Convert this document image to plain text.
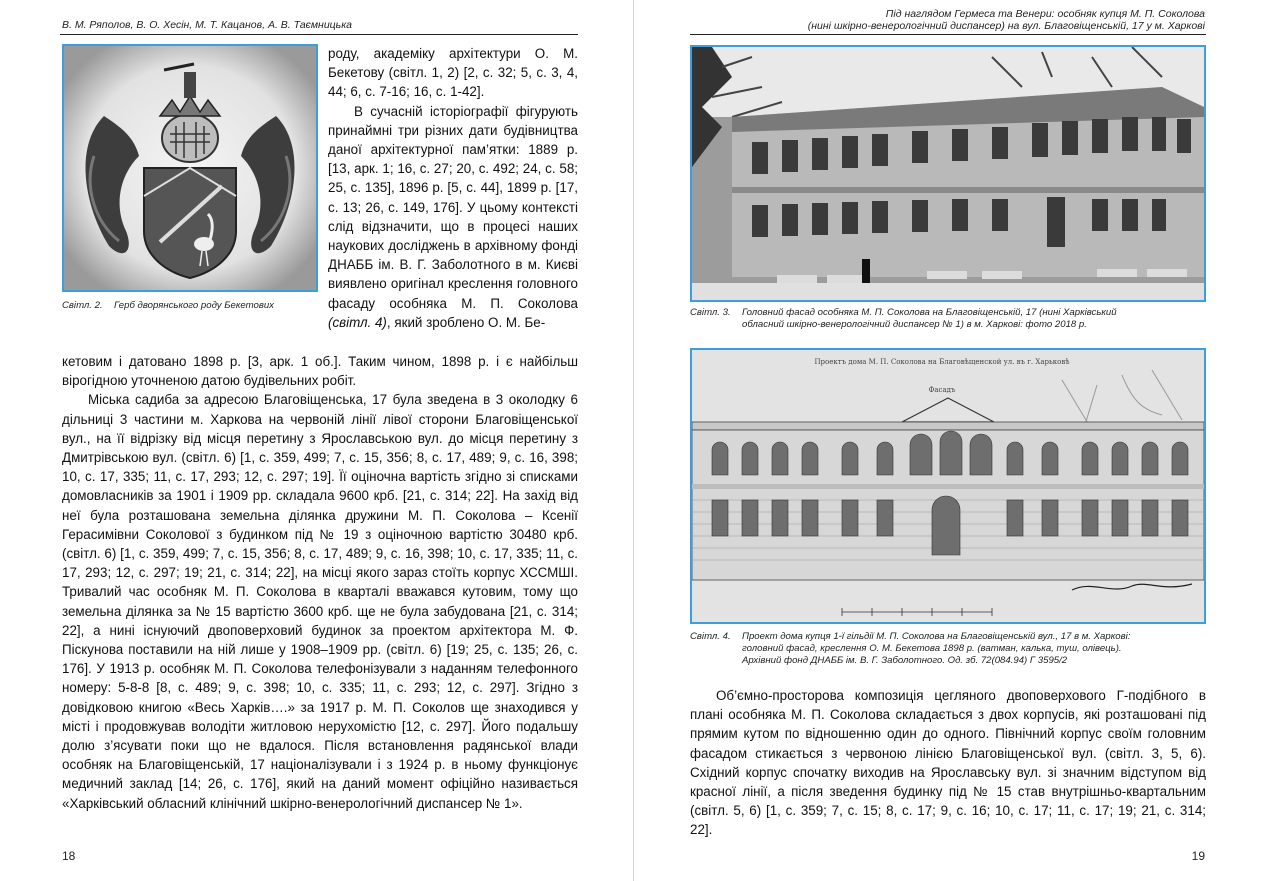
В. М. Ряполов, В. О. Хесін, М. Т. Кацанов, А. В. Таємницька
Світл. 2. Герб дворянського роду Бекетових

роду, академіку архітектури О. М. Бекетову (світл. 1, 2) [2, с. 32; 5, с. 3, 4, 44; 6, с. 7-16; 16, с. 1-42].

В сучасній історіографії фігурують принаймні три різних дати будівництва даної архітектурної пам’ятки: 1889 р. [13, арк. 1; 16, с. 27; 20, с. 492; 24, с. 58; 25, с. 135], 1896 р. [5, с. 44], 1899 р. [17, с. 13; 26, с. 149, 176]. У цьому контексті слід відзначити, що в процесі наших наукових досліджень в архівному фонді ДНАББ ім. В. Г. Заболотного в м. Києві виявлено оригінал креслення головного фасаду особняка М. П. Соколова (світл. 4), який зроблено О. М. Бе-

кетовим і датовано 1898 р. [3, арк. 1 об.]. Таким чином, 1898 р. і є найбільш вірогідною уточненою датою будівельних робіт.

Міська садиба за адресою Благовіщенська, 17 була зведена в 3 околодку 6 дільниці 3 частини м. Харкова на червоній лінії лівої сторони Благовіщенської вул., на її відрізку від місця перетину з Ярославською вул. до місця перетину з Дмитрівською вул. (світл. 6) [1, с. 359, 499; 7, с. 15, 356; 8, с. 17, 489; 9, с. 16, 398; 10, с. 17, 335; 11, с. 17, 293; 12, с. 297; 19]. Її оціночна вартість згідно зі списками домовласників за 1901 і 1909 рр. складала 9600 крб. [21, с. 314; 22]. На захід від неї була розташована земельна ділянка дружини М. П. Соколова – Ксенії Герасимівни Соколової з будинком під № 19 з оціночною вартістю 30480 крб. (світл. 6) [1, с. 359, 499; 7, с. 15, 356; 8, с. 17, 489; 9, с. 16, 398; 10, с. 17, 335; 11, с. 17, 293; 12, с. 297; 19; 21, с. 314; 22], на місці якого зараз стоїть корпус ХССМШІ. Тривалий час особняк М. П. Соколова в кварталі вважався кутовим, тому що земельна ділянка за № 15 вартістю 3600 крб. ще не була забудована [21, с. 314; 22], а нині існуючий двоповерховий будинок за проектом архітектора М. Ф. Піскунова поставили на ній лише у 1908–1909 рр. (світл. 6) [19; 25, с. 135; 26, с. 176]. У 1913 р. особняк М. П. Соколова телефонізували з наданням телефонного номеру: 5-8-8 [8, с. 489; 9, с. 398; 10, с. 335; 11, с. 293; 12, с. 297]. Згідно з довідковою книгою «Весь Харків….» за 1917 р. М. П. Соколов ще знаходився у місті і продовжував володіти житловою нерухомістю [12, с. 297]. Його подальшу долю з’ясувати поки що не вдалося. Після встановлення радянської влади особняк на Благовіщенській, 17 націоналізували і з 1924 р. в ньому функціонує медичний заклад [14; 26, с. 176], який на даний момент офіційно називається «Харківський обласний клінічний шкірно-венерологічний диспансер № 1».

18
Під наглядом Гермеса та Венери: особняк купця М. П. Соколова
(нині шкірно-венерологічний диспансер) на вул. Благовіщенській, 17 у м. Харкові
Світл. 3. Головний фасад особняка М. П. Соколова на Благовіщенській, 17 (нині Харківський
обласний шкірно-венерологічний диспансер № 1) в м. Харкові: фото 2018 р.
Проектъ дома М. П. Соколова на Благовѣщенской ул. въ г. Харьковѣ
Фасадъ
Світл. 4. Проект дома купця 1-ї гільдії М. П. Соколова на Благовіщенській вул., 17 в м. Харкові:
головний фасад, креслення О. М. Бекетова 1898 р. (ватман, калька, туш, олівець).
Архівний фонд ДНАББ ім. В. Г. Заболотного. Од. зб. 72(084.94) Г 3595/2

Об’ємно-просторова композиція цегляного двоповерхового Г-подібного в плані особняка М. П. Соколова складається з двох корпусів, які розташовані під прямим кутом по відношенню один до одного. Північний корпус своїм головним фасадом стикається з червоною лінією Благовіщенської вул. (світл. 3, 5, 6). Східний корпус спочатку виходив на Ярославську вул. зі значним відступом від красної лінії, а після зведення будинку під № 15 став внутрішньо-квартальним (світл. 5, 6) [1, с. 359; 7, с. 15; 8, с. 17; 9, с. 16; 10, с. 17; 11, с. 17; 19; 21, с. 314; 22].

19
